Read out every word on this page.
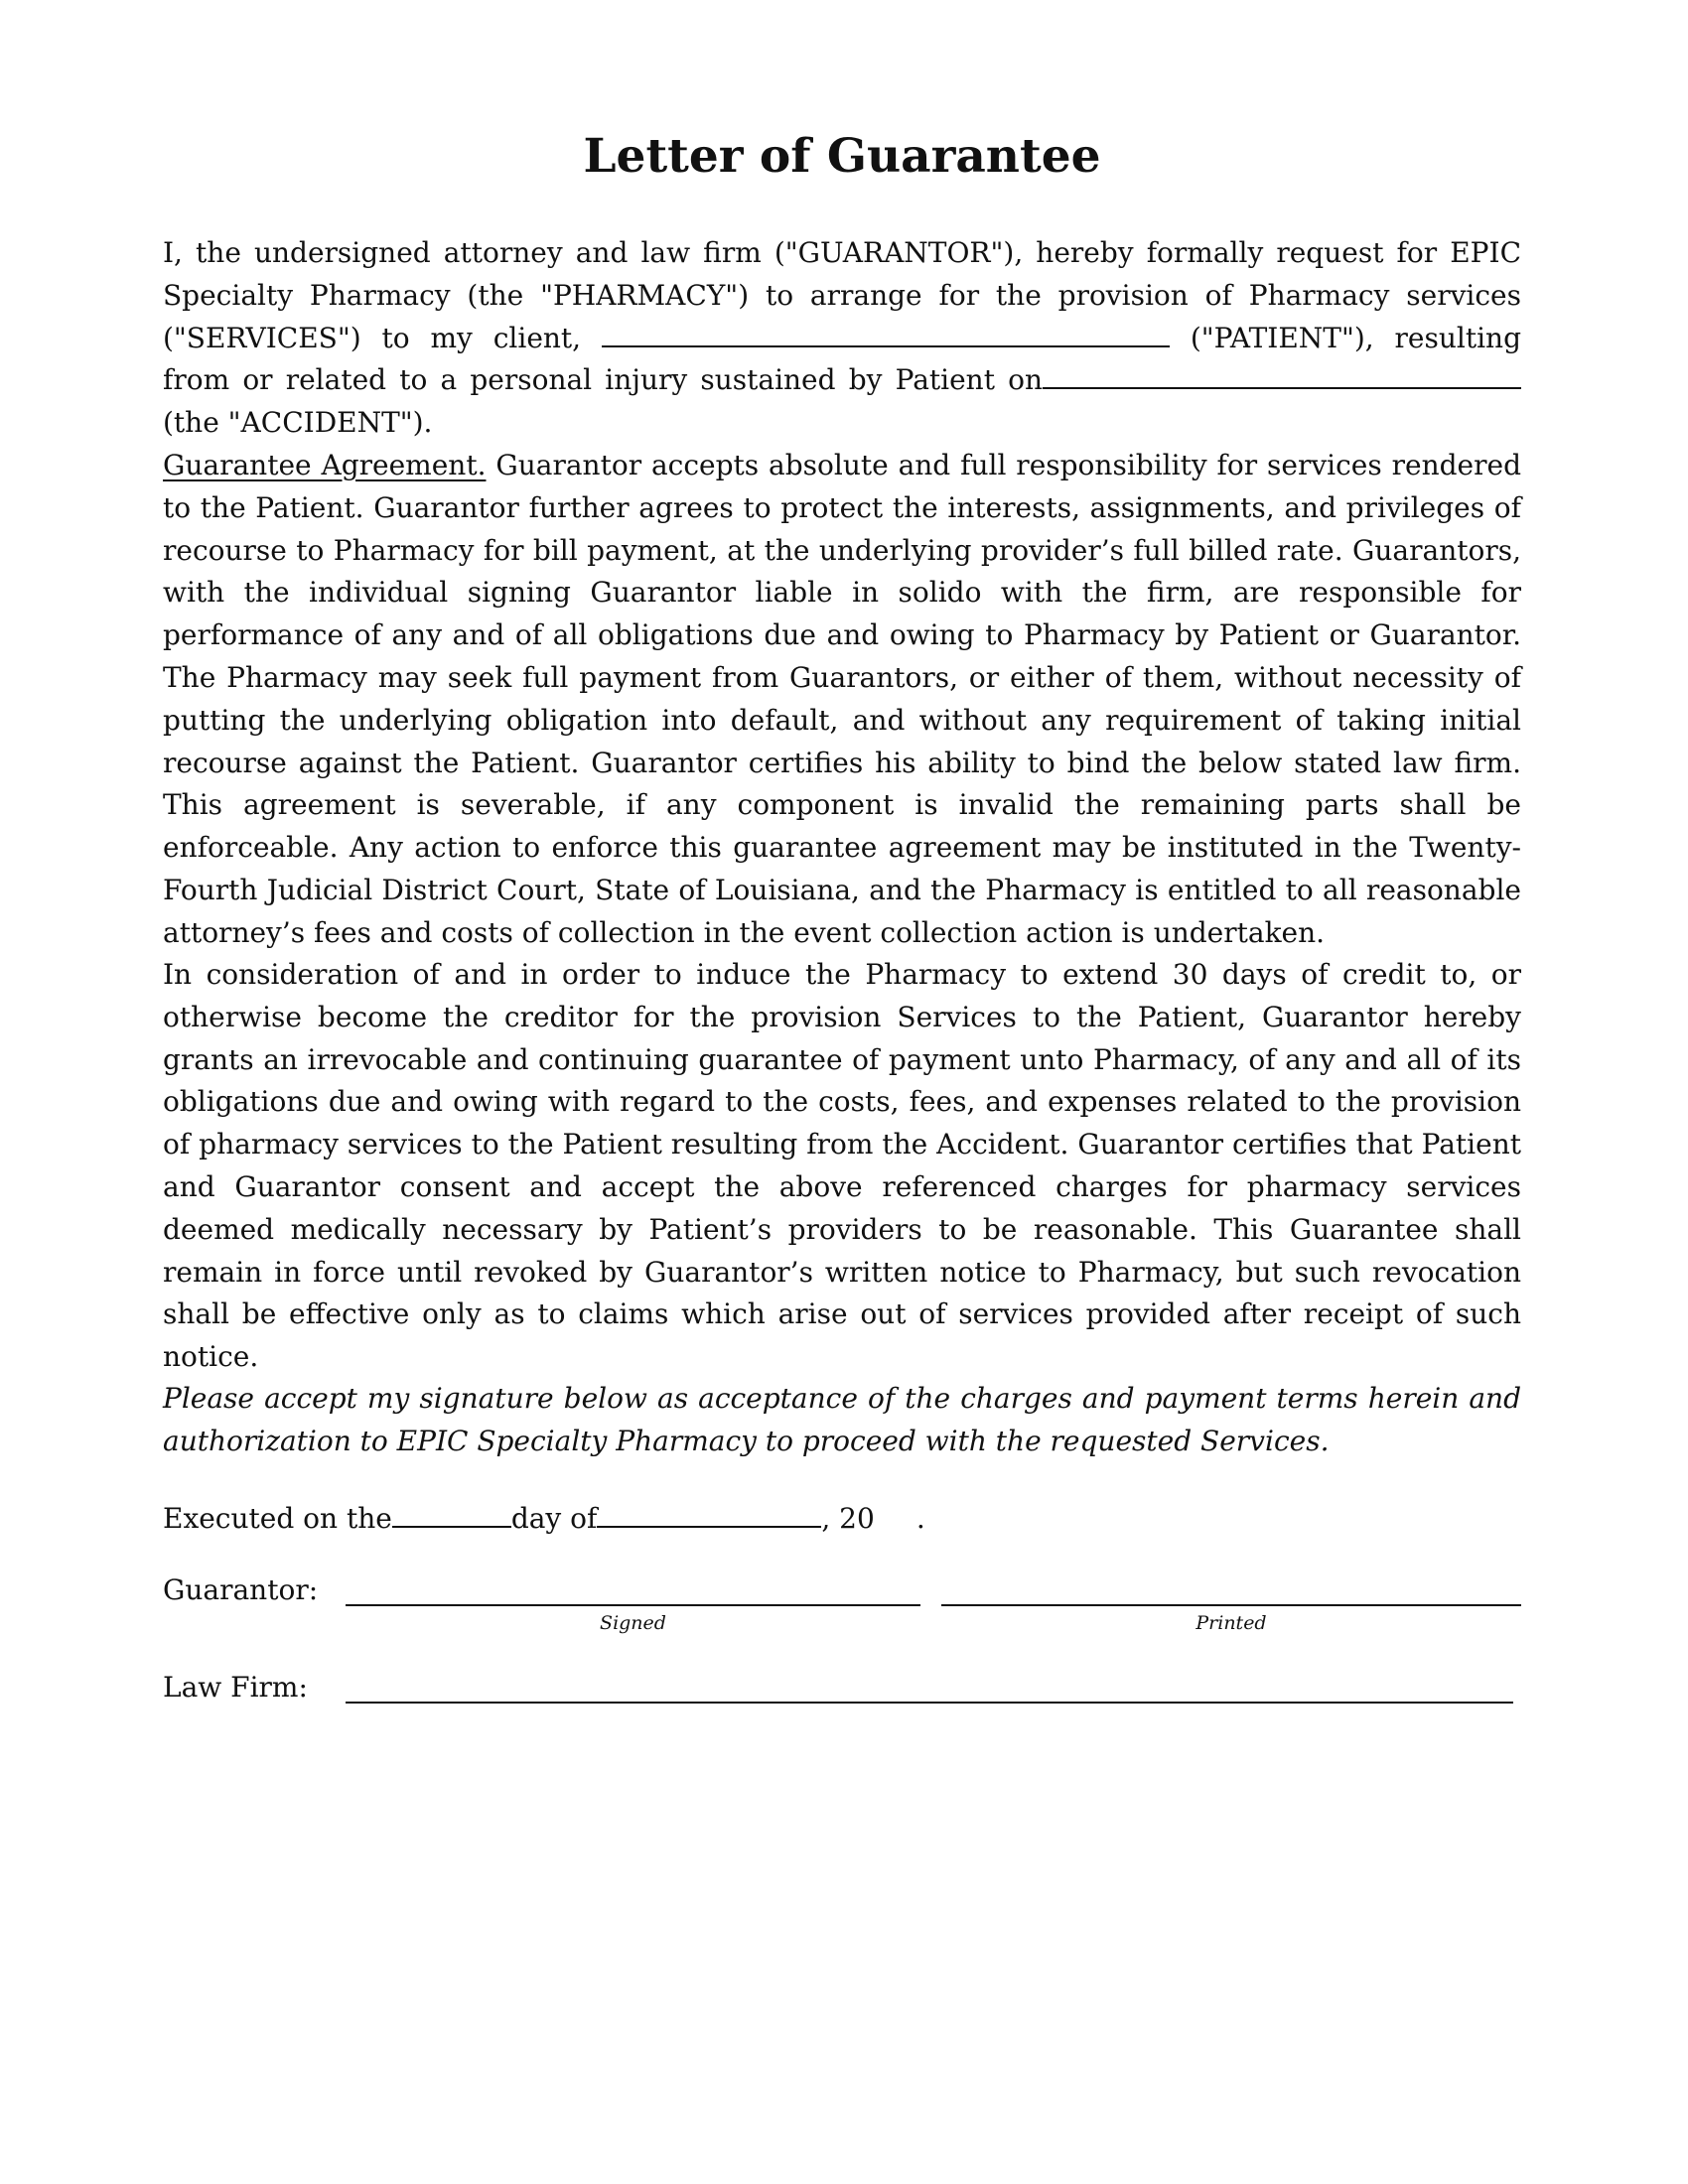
Letter of Guarantee
I, the undersigned attorney and law firm ("GUARANTOR"), hereby formally request for EPIC Specialty Pharmacy (the "PHARMACY") to arrange for the provision of Pharmacy services ("SERVICES") to my client,	("PATIENT"), resulting from or related to a personal injury sustained by Patient on(the "ACCIDENT").
Guarantee Agreement. Guarantor accepts absolute and full responsibility for services rendered to the Patient. Guarantor further agrees to protect the interests, assignments, and privileges of recourse to Pharmacy for bill payment, at the underlying provider’s full billed rate. Guarantors, with the individual signing Guarantor liable in solido with the firm, are responsible for performance of any and of all obligations due and owing to Pharmacy by Patient or Guarantor. The Pharmacy may seek full payment from Guarantors, or either of them, without necessity of putting the underlying obligation into default, and without any requirement of taking initial recourse against the Patient. Guarantor certifies his ability to bind the below stated law firm. This agreement is severable, if any component is invalid the remaining parts shall be enforceable. Any action to enforce this guarantee agreement may be instituted in the Twenty-Fourth Judicial District Court, State of Louisiana, and the Pharmacy is entitled to all reasonable attorney’s fees and costs of collection in the event collection action is undertaken.
In consideration of and in order to induce the Pharmacy to extend 30 days of credit to, or otherwise become the creditor for the provision Services to the Patient, Guarantor hereby grants an irrevocable and continuing guarantee of payment unto Pharmacy, of any and all of its obligations due and owing with regard to the costs, fees, and expenses related to the provision of pharmacy services to the Patient resulting from the Accident. Guarantor certifies that Patient and Guarantor consent and accept the above referenced charges for pharmacy services deemed medically necessary by Patient’s providers to be reasonable. This Guarantee shall remain in force until revoked by Guarantor’s written notice to Pharmacy, but such revocation shall be effective only as to claims which arise out of services provided after receipt of such notice.
Please accept my signature below as acceptance of the charges and payment terms herein and authorization to EPIC Specialty Pharmacy to proceed with the requested Services.
Executed on the	day of	, 20 .
Guarantor:
Signed	Printed
Law Firm:
